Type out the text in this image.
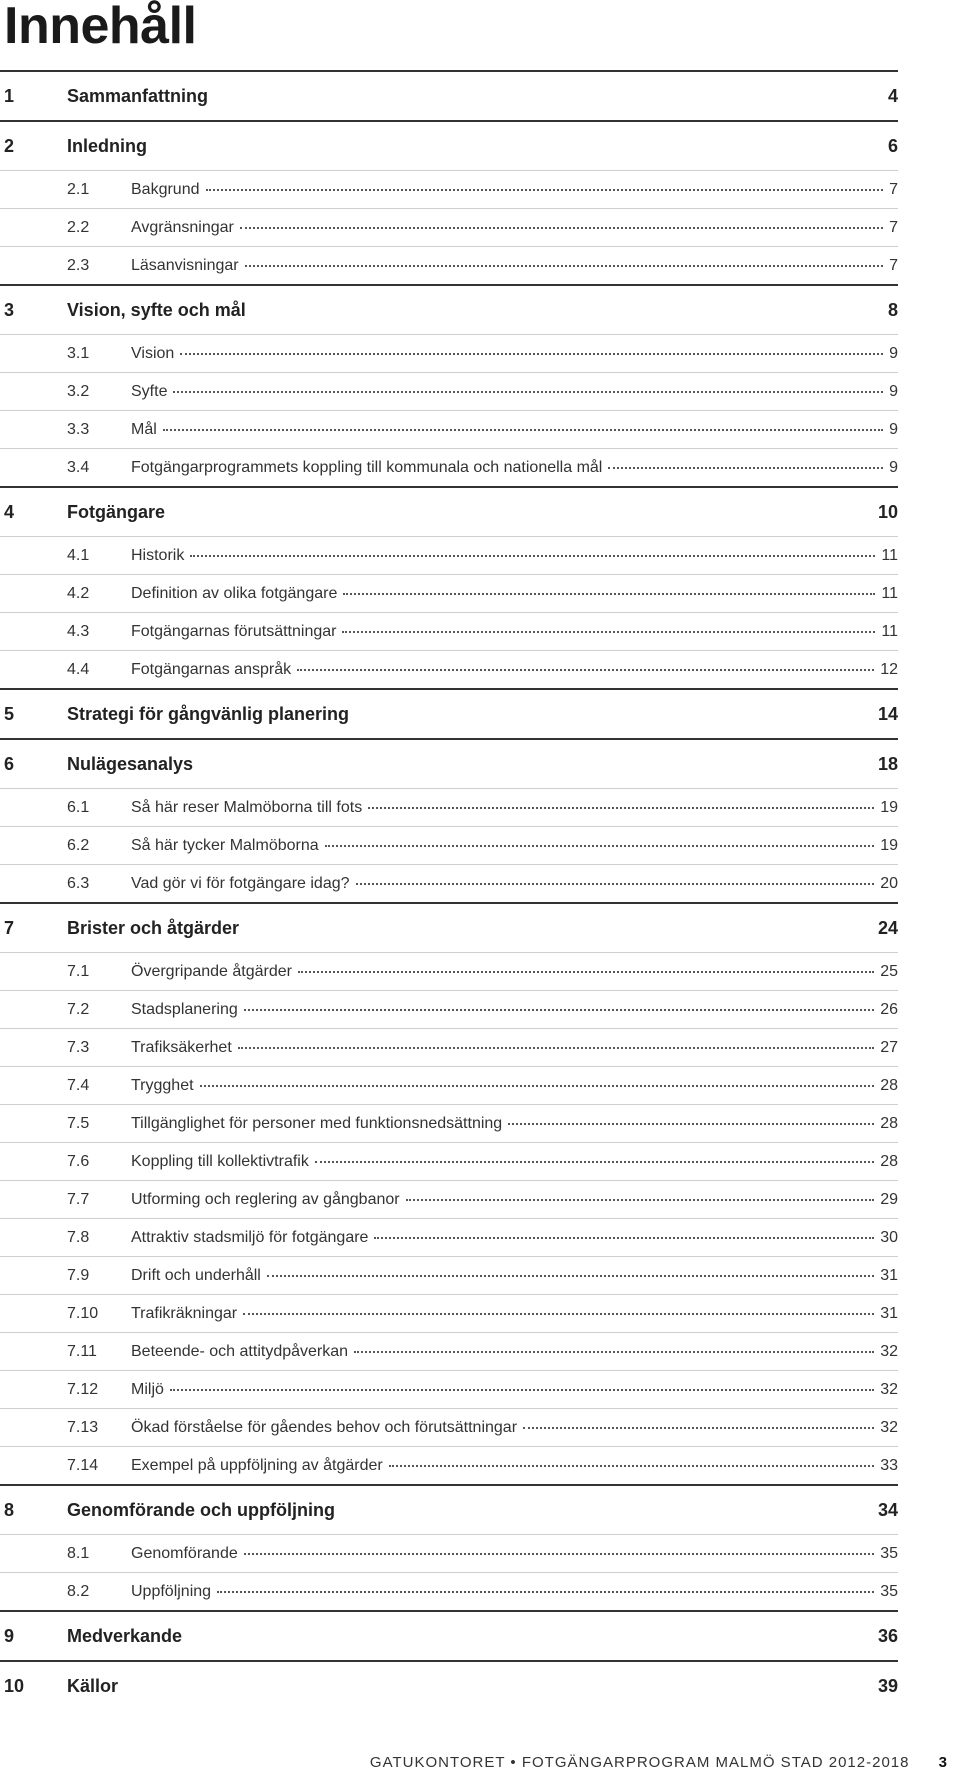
Innehåll
1	Sammanfattning	4
2	Inledning	6
2.1	Bakgrund	7
2.2	Avgränsningar	7
2.3	Läsanvisningar	7
3	Vision, syfte och mål	8
3.1	Vision	9
3.2	Syfte	9
3.3	Mål	9
3.4	Fotgängarprogrammets koppling till kommunala och nationella mål	9
4	Fotgängare	10
4.1	Historik	11
4.2	Definition av olika fotgängare	11
4.3	Fotgängarnas förutsättningar	11
4.4	Fotgängarnas anspråk	12
5	Strategi för gångvänlig planering	14
6	Nulägesanalys	18
6.1	Så här reser Malmöborna till fots	19
6.2	Så här tycker Malmöborna	19
6.3	Vad gör vi för fotgängare idag?	20
7	Brister och åtgärder	24
7.1	Övergripande åtgärder	25
7.2	Stadsplanering	26
7.3	Trafiksäkerhet	27
7.4	Trygghet	28
7.5	Tillgänglighet för personer med funktionsnedsättning	28
7.6	Koppling till kollektivtrafik	28
7.7	Utforming och reglering av gångbanor	29
7.8	Attraktiv stadsmiljö för fotgängare	30
7.9	Drift och underhåll	31
7.10 Trafikräkningar	31
7.11 Beteende- och attitydpåverkan	32
7.12 Miljö	32
7.13 Ökad förståelse för gåendes behov och förutsättningar	32
7.14 Exempel på uppföljning av åtgärder	33
8	Genomförande och uppföljning	34
8.1	Genomförande	35
8.2	Uppföljning	35
9	Medverkande	36
10 Källor	39
GATUKONTORET • FOTGÄNGARPROGRAM MALMÖ STAD 2012-2018 3
